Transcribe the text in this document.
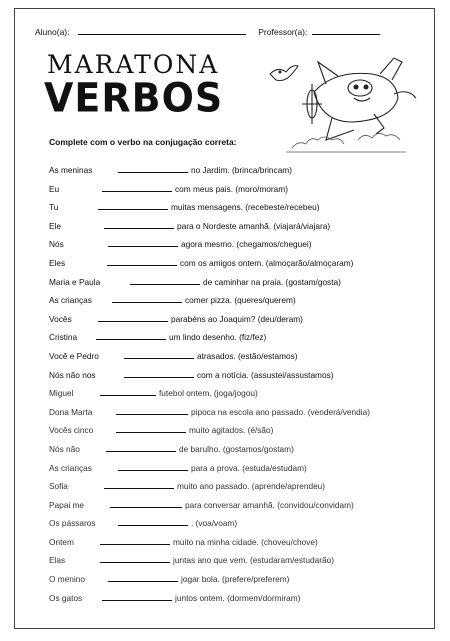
Aluno(a):	Professor(a):
MARATONA
VERBOS
Complete com o verbo na conjugação correta:
As meninas	no Jardim. (brinca/brincam)
Eu	com meus pais. (moro/moram)
Tu	muitas mensagens. (recebeste/recebeu)
Ele	para o Nordeste amanhã. (viajará/viajara)
Nós	agora mesmo. (chegamos/cheguei)
Eles	com os amigos ontem. (almoçarão/almoçaram)
Maria e Paula	de caminhar na praia. (gostam/gosta)
As crianças	comer pizza. (queres/querem)
Vocês	parabéns ao Joaquim? (deu/deram)
Cristina	um lindo desenho. (fiz/fez)
Você e Pedro	atrasados. (estão/estamos)
Nós não nos	com a notícia. (assustei/assustamos)
Miguel	futebol ontem. (joga/jogou)
Dona Marta	pipoca na escola ano passado. (venderá/vendia)
Vocês cinco	muito agitados. (é/são)
Nós não	de barulho. (gostamos/gostam)
As crianças	para a prova. (estuda/estudam)
Sofia	muito ano passado. (aprende/aprendeu)
Papai me	para conversar amanhã. (convidou/convidam)
Os pássaros	. (voa/voam)
Ontem	muito na minha cidade. (choveu/chove)
Elas	juntas ano que vem. (estudaram/estudarão)
O menino	jogar bola. (prefere/preferem)
Os gatos	juntos ontem. (dormem/dormiram)
